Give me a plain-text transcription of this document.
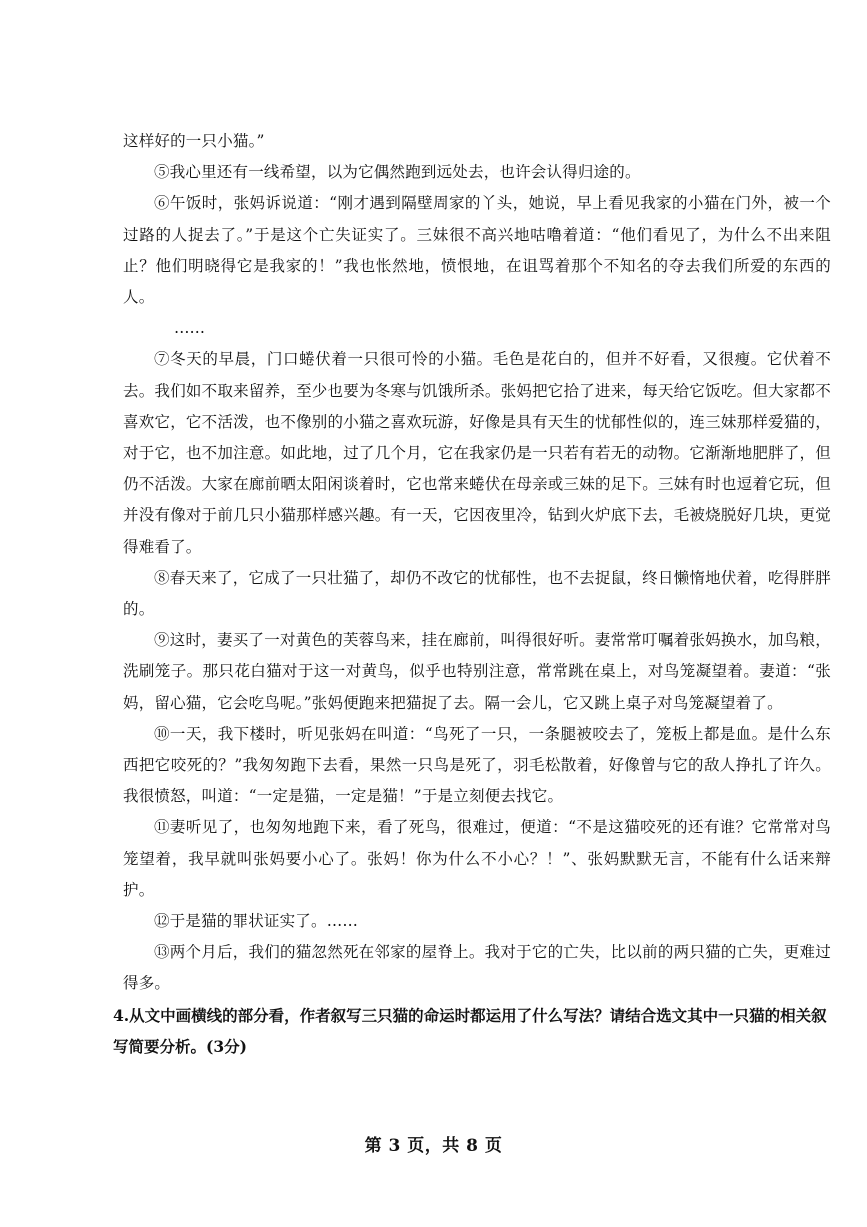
这样好的一只小猫。”

⑤我心里还有一线希望，以为它偶然跑到远处去，也许会认得归途的。

⑥午饭时，张妈诉说道：“刚才遇到隔壁周家的丫头，她说，早上看见我家的小猫在门外，被一个过路的人捉去了。”于是这个亡失证实了。三妹很不高兴地咕噜着道：“他们看见了，为什么不出来阻止？他们明晓得它是我家的！”我也怅然地，愤恨地，在诅骂着那个不知名的夺去我们所爱的东西的人。

……

⑦冬天的早晨，门口蜷伏着一只很可怜的小猫。毛色是花白的，但并不好看，又很瘦。它伏着不去。我们如不取来留养，至少也要为冬寒与饥饿所杀。张妈把它拾了进来，每天给它饭吃。但大家都不喜欢它，它不活泼，也不像别的小猫之喜欢玩游，好像是具有天生的忧郁性似的，连三妹那样爱猫的，对于它，也不加注意。如此地，过了几个月，它在我家仍是一只若有若无的动物。它渐渐地肥胖了，但仍不活泼。大家在廊前晒太阳闲谈着时，它也常来蜷伏在母亲或三妹的足下。三妹有时也逗着它玩，但并没有像对于前几只小猫那样感兴趣。有一天，它因夜里冷，钻到火炉底下去，毛被烧脱好几块，更觉得难看了。

⑧春天来了，它成了一只壮猫了，却仍不改它的忧郁性，也不去捉鼠，终日懒惰地伏着，吃得胖胖的。

⑨这时，妻买了一对黄色的芙蓉鸟来，挂在廊前，叫得很好听。妻常常叮嘱着张妈换水，加鸟粮，洗刷笼子。那只花白猫对于这一对黄鸟，似乎也特别注意，常常跳在桌上，对鸟笼凝望着。妻道：“张妈，留心猫，它会吃鸟呢。”张妈便跑来把猫捉了去。隔一会儿，它又跳上桌子对鸟笼凝望着了。

⑩一天，我下楼时，听见张妈在叫道：“鸟死了一只，一条腿被咬去了，笼板上都是血。是什么东西把它咬死的？”我匆匆跑下去看，果然一只鸟是死了，羽毛松散着，好像曾与它的敌人挣扎了许久。我很愤怒，叫道：“一定是猫，一定是猫！”于是立刻便去找它。

⑪妻听见了，也匆匆地跑下来，看了死鸟，很难过，便道：“不是这猫咬死的还有谁？它常常对鸟笼望着，我早就叫张妈要小心了。张妈！你为什么不小心？！”、张妈默默无言，不能有什么话来辩护。

⑫于是猫的罪状证实了。……

⑬两个月后，我们的猫忽然死在邻家的屋脊上。我对于它的亡失，比以前的两只猫的亡失，更难过得多。

4.从文中画横线的部分看，作者叙写三只猫的命运时都运用了什么写法？请结合选文其中一只猫的相关叙写简要分析。(3分)

第 3 页，共 8 页
